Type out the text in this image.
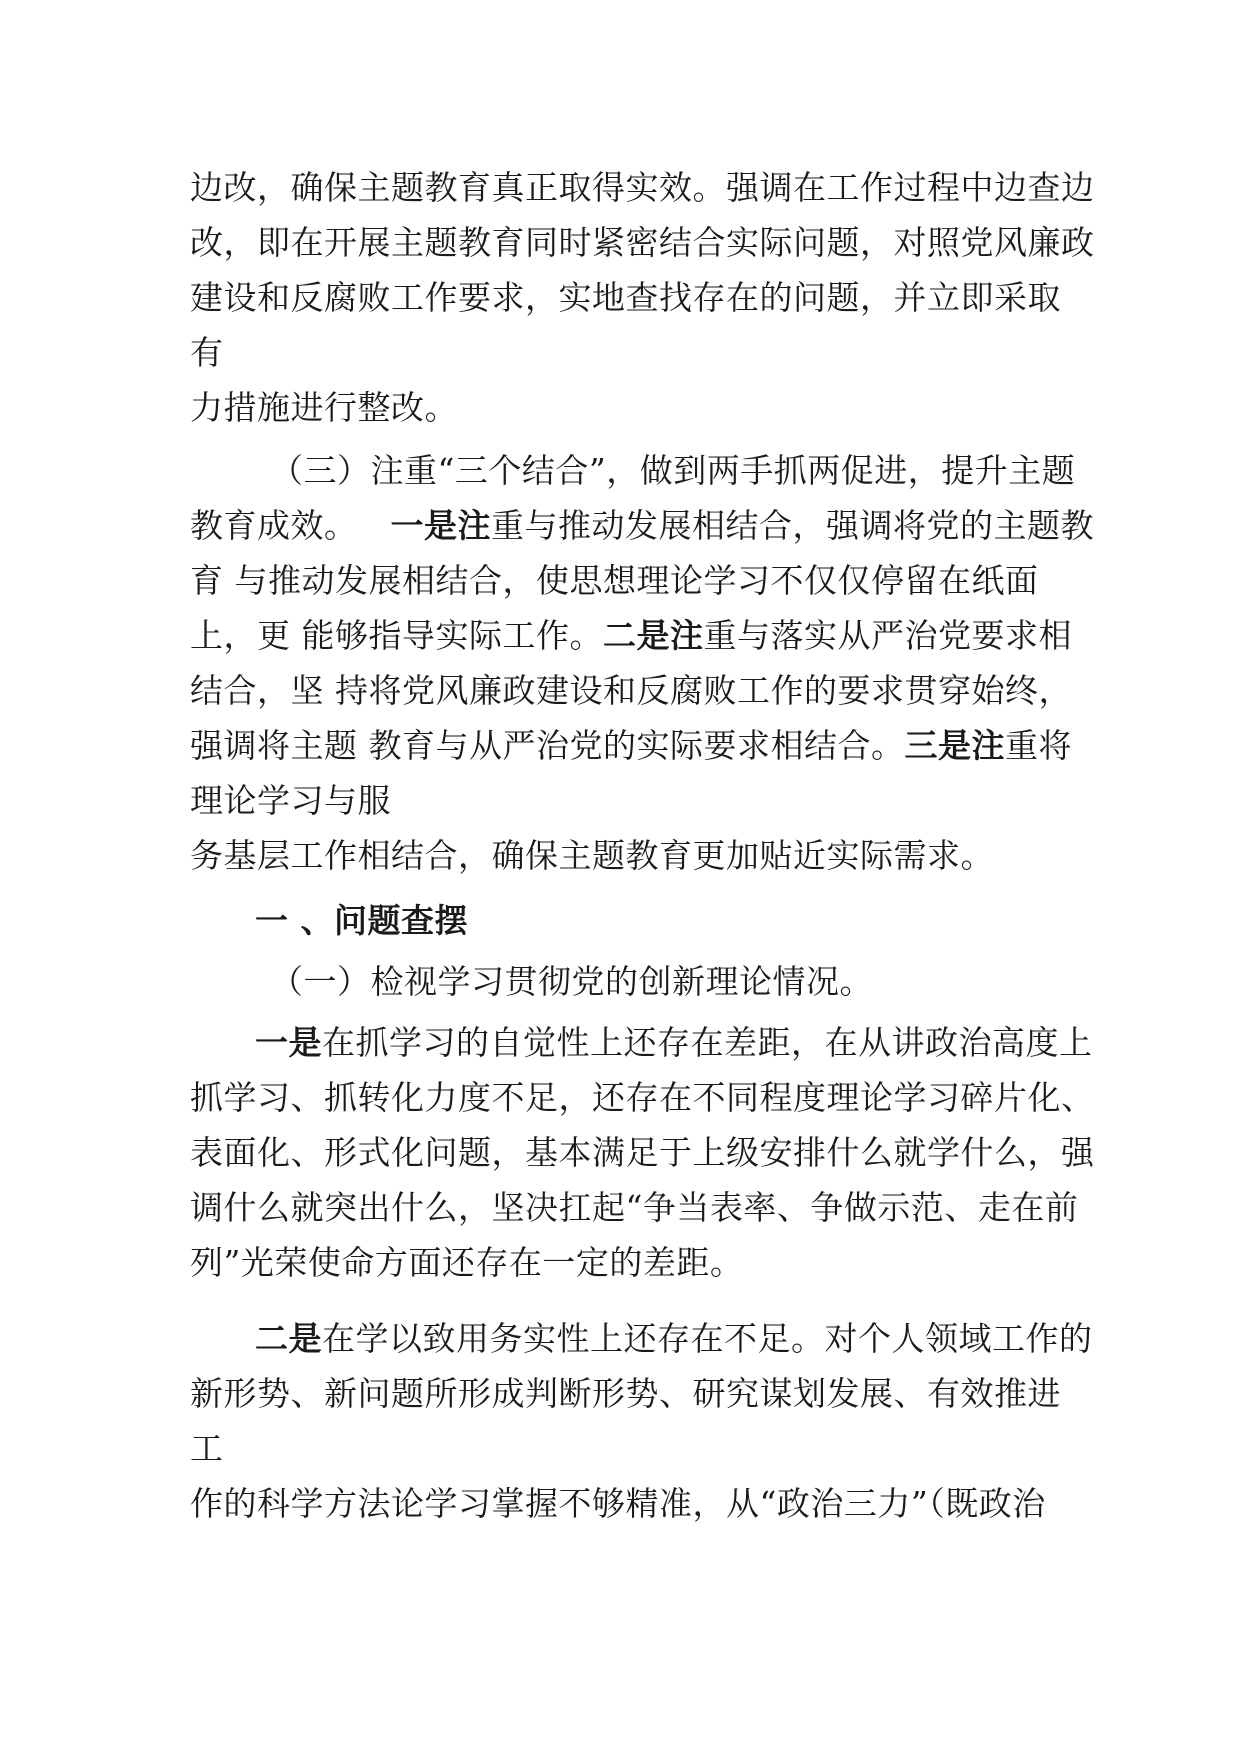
边改，确保主题教育真正取得实效。强调在工作过程中边查边
改，即在开展主题教育同时紧密结合实际问题，对照党风廉政
建设和反腐败工作要求，实地查找存在的问题，并立即采取
有
力措施进行整改。
（三）注重“三个结合”，做到两手抓两促进，提升主题
教育成效。 一是注重与推动发展相结合，强调将党的主题教
育 与推动发展相结合，使思想理论学习不仅仅停留在纸面
上，更 能够指导实际工作。二是注重与落实从严治党要求相
结合，坚 持将党风廉政建设和反腐败工作的要求贯穿始终，
强调将主题 教育与从严治党的实际要求相结合。三是注重将
理论学习与服
务基层工作相结合，确保主题教育更加贴近实际需求。
一 、问题查摆
（一）检视学习贯彻党的创新理论情况。
一是在抓学习的自觉性上还存在差距，在从讲政治高度上
抓学习、抓转化力度不足，还存在不同程度理论学习碎片化、
表面化、形式化问题，基本满足于上级安排什么就学什么，强
调什么就突出什么，坚决扛起“争当表率、争做示范、走在前
列”光荣使命方面还存在一定的差距。
二是在学以致用务实性上还存在不足。对个人领域工作的
新形势、新问题所形成判断形势、研究谋划发展、有效推进
工
作的科学方法论学习掌握不够精准，从“政治三力”（既政治
